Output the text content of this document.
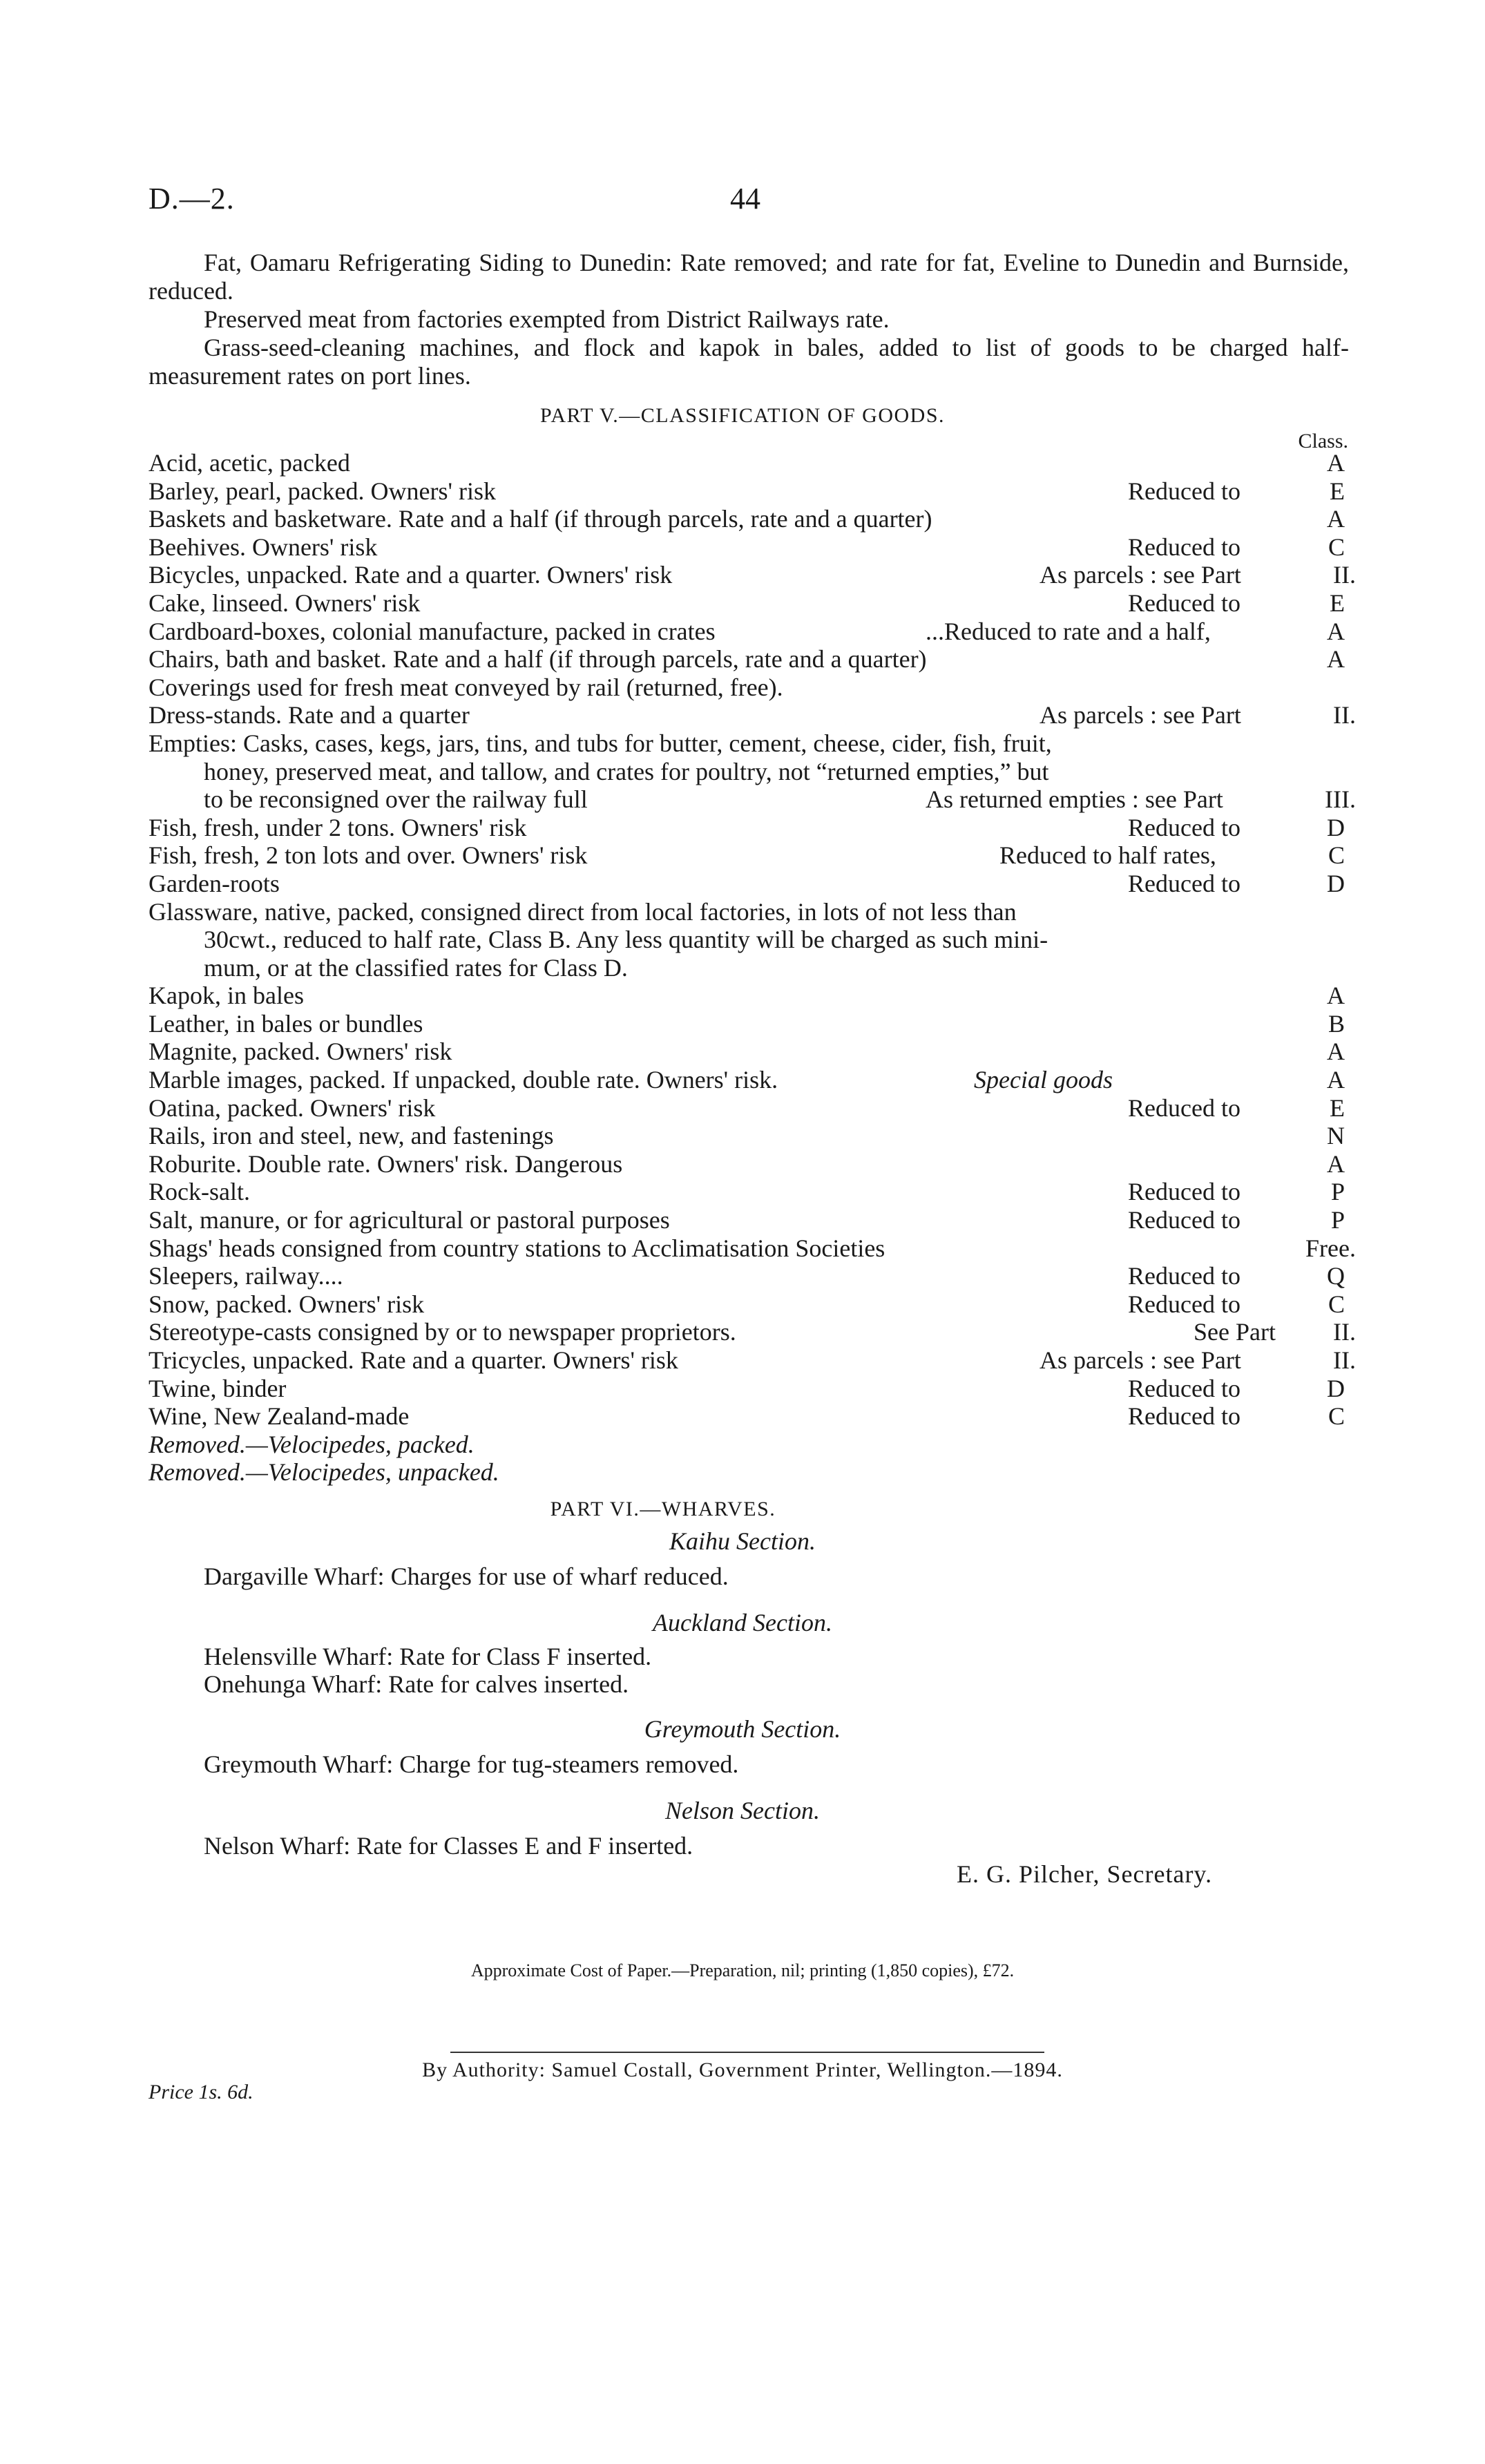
D.—2.	44

Fat, Oamaru Refrigerating Siding to Dunedin: Rate removed; and rate for fat, Eveline to Dunedin and Burnside, reduced.

Preserved meat from factories exempted from District Railways rate.

Grass-seed-cleaning machines, and flock and kapok in bales, added to list of goods to be charged half-measurement rates on port lines.

PART V.—CLASSIFICATION OF GOODS.
Class.
Acid, acetic, packed	A
Barley, pearl, packed. Owners' risk	Reduced to	E
Baskets and basketware. Rate and a half (if through parcels, rate and a quarter)	A
Beehives. Owners' risk	Reduced to	C
Bicycles, unpacked. Rate and a quarter. Owners' risk	As parcels : see Part	II.
Cake, linseed. Owners' risk	Reduced to	E
Cardboard-boxes, colonial manufacture, packed in crates	...Reduced to rate and a half,	A
Chairs, bath and basket. Rate and a half (if through parcels, rate and a quarter)	A
Coverings used for fresh meat conveyed by rail (returned, free).
Dress-stands. Rate and a quarter	As parcels : see Part	II.
Empties: Casks, cases, kegs, jars, tins, and tubs for butter, cement, cheese, cider, fish, fruit,
honey, preserved meat, and tallow, and crates for poultry, not “returned empties,” but
to be reconsigned over the railway full	As returned empties : see Part	III.
Fish, fresh, under 2 tons. Owners' risk	Reduced to	D
Fish, fresh, 2 ton lots and over. Owners' risk	Reduced to half rates,	C
Garden-roots	Reduced to	D
Glassware, native, packed, consigned direct from local factories, in lots of not less than
30cwt., reduced to half rate, Class B. Any less quantity will be charged as such mini-
mum, or at the classified rates for Class D.
Kapok, in bales	A
Leather, in bales or bundles	B
Magnite, packed. Owners' risk	A
Marble images, packed. If unpacked, double rate. Owners' risk.	Special goods	A
Oatina, packed. Owners' risk	Reduced to	E
Rails, iron and steel, new, and fastenings	N
Roburite. Double rate. Owners' risk. Dangerous	A
Rock-salt.	Reduced to	P
Salt, manure, or for agricultural or pastoral purposes	Reduced to	P
Shags' heads consigned from country stations to Acclimatisation Societies	Free.
Sleepers, railway....	Reduced to	Q
Snow, packed. Owners' risk	Reduced to	C
Stereotype-casts consigned by or to newspaper proprietors.	See Part II.
Tricycles, unpacked. Rate and a quarter. Owners' risk	As parcels : see Part	II.
Twine, binder	Reduced to	D
Wine, New Zealand-made	Reduced to	C
Removed.—Velocipedes, packed.
Removed.—Velocipedes, unpacked.
PART VI.—WHARVES.
Kaihu Section.
Dargaville Wharf: Charges for use of wharf reduced.
Auckland Section.
Helensville Wharf: Rate for Class F inserted.
Onehunga Wharf: Rate for calves inserted.
Greymouth Section.
Greymouth Wharf: Charge for tug-steamers removed.
Nelson Section.
Nelson Wharf: Rate for Classes E and F inserted.
E. G. Pilcher, Secretary.
Approximate Cost of Paper.—Preparation, nil; printing (1,850 copies), £72.
By Authority: Samuel Costall, Government Printer, Wellington.—1894.
Price 1s. 6d.
